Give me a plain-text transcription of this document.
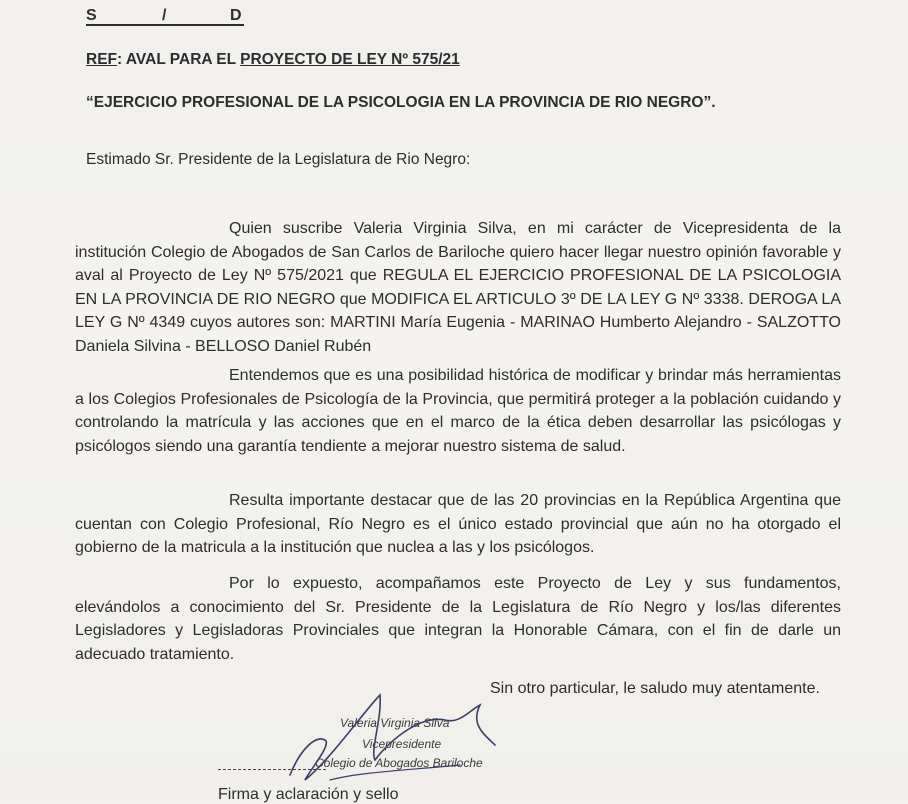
S	/	D
REF: AVAL PARA EL PROYECTO DE LEY Nº 575/21
“EJERCICIO PROFESIONAL DE LA PSICOLOGIA EN LA PROVINCIA DE RIO NEGRO”.
Estimado Sr. Presidente de la Legislatura de Rio Negro:
Quien suscribe Valeria Virginia Silva, en mi carácter de Vicepresidenta de la institución Colegio de Abogados de San Carlos de Bariloche quiero hacer llegar nuestro opinión favorable y aval al Proyecto de Ley Nº 575/2021 que REGULA EL EJERCICIO PROFESIONAL DE LA PSICOLOGIA EN LA PROVINCIA DE RIO NEGRO que MODIFICA EL ARTICULO 3º DE LA LEY G Nº 3338. DEROGA LA LEY G Nº 4349 cuyos autores son: MARTINI María Eugenia - MARINAO Humberto Alejandro - SALZOTTO Daniela Silvina - BELLOSO Daniel Rubén
Entendemos que es una posibilidad histórica de modificar y brindar más herramientas a los Colegios Profesionales de Psicología de la Provincia, que permitirá proteger a la población cuidando y controlando la matrícula y las acciones que en el marco de la ética deben desarrollar las psicólogas y psicólogos siendo una garantía tendiente a mejorar nuestro sistema de salud.
Resulta importante destacar que de las 20 provincias en la República Argentina que cuentan con Colegio Profesional, Río Negro es el único estado provincial que aún no ha otorgado el gobierno de la matricula a la institución que nuclea a las y los psicólogos.
Por lo expuesto, acompañamos este Proyecto de Ley y sus fundamentos, elevándolos a conocimiento del Sr. Presidente de la Legislatura de Río Negro y los/las diferentes Legisladores y Legisladoras Provinciales que integran la Honorable Cámara, con el fin de darle un adecuado tratamiento.
Sin otro particular, le saludo muy atentamente.
Valeria Virginia Silva
Vicepresidente
Colegio de Abogados Bariloche
Firma y aclaración y sello
